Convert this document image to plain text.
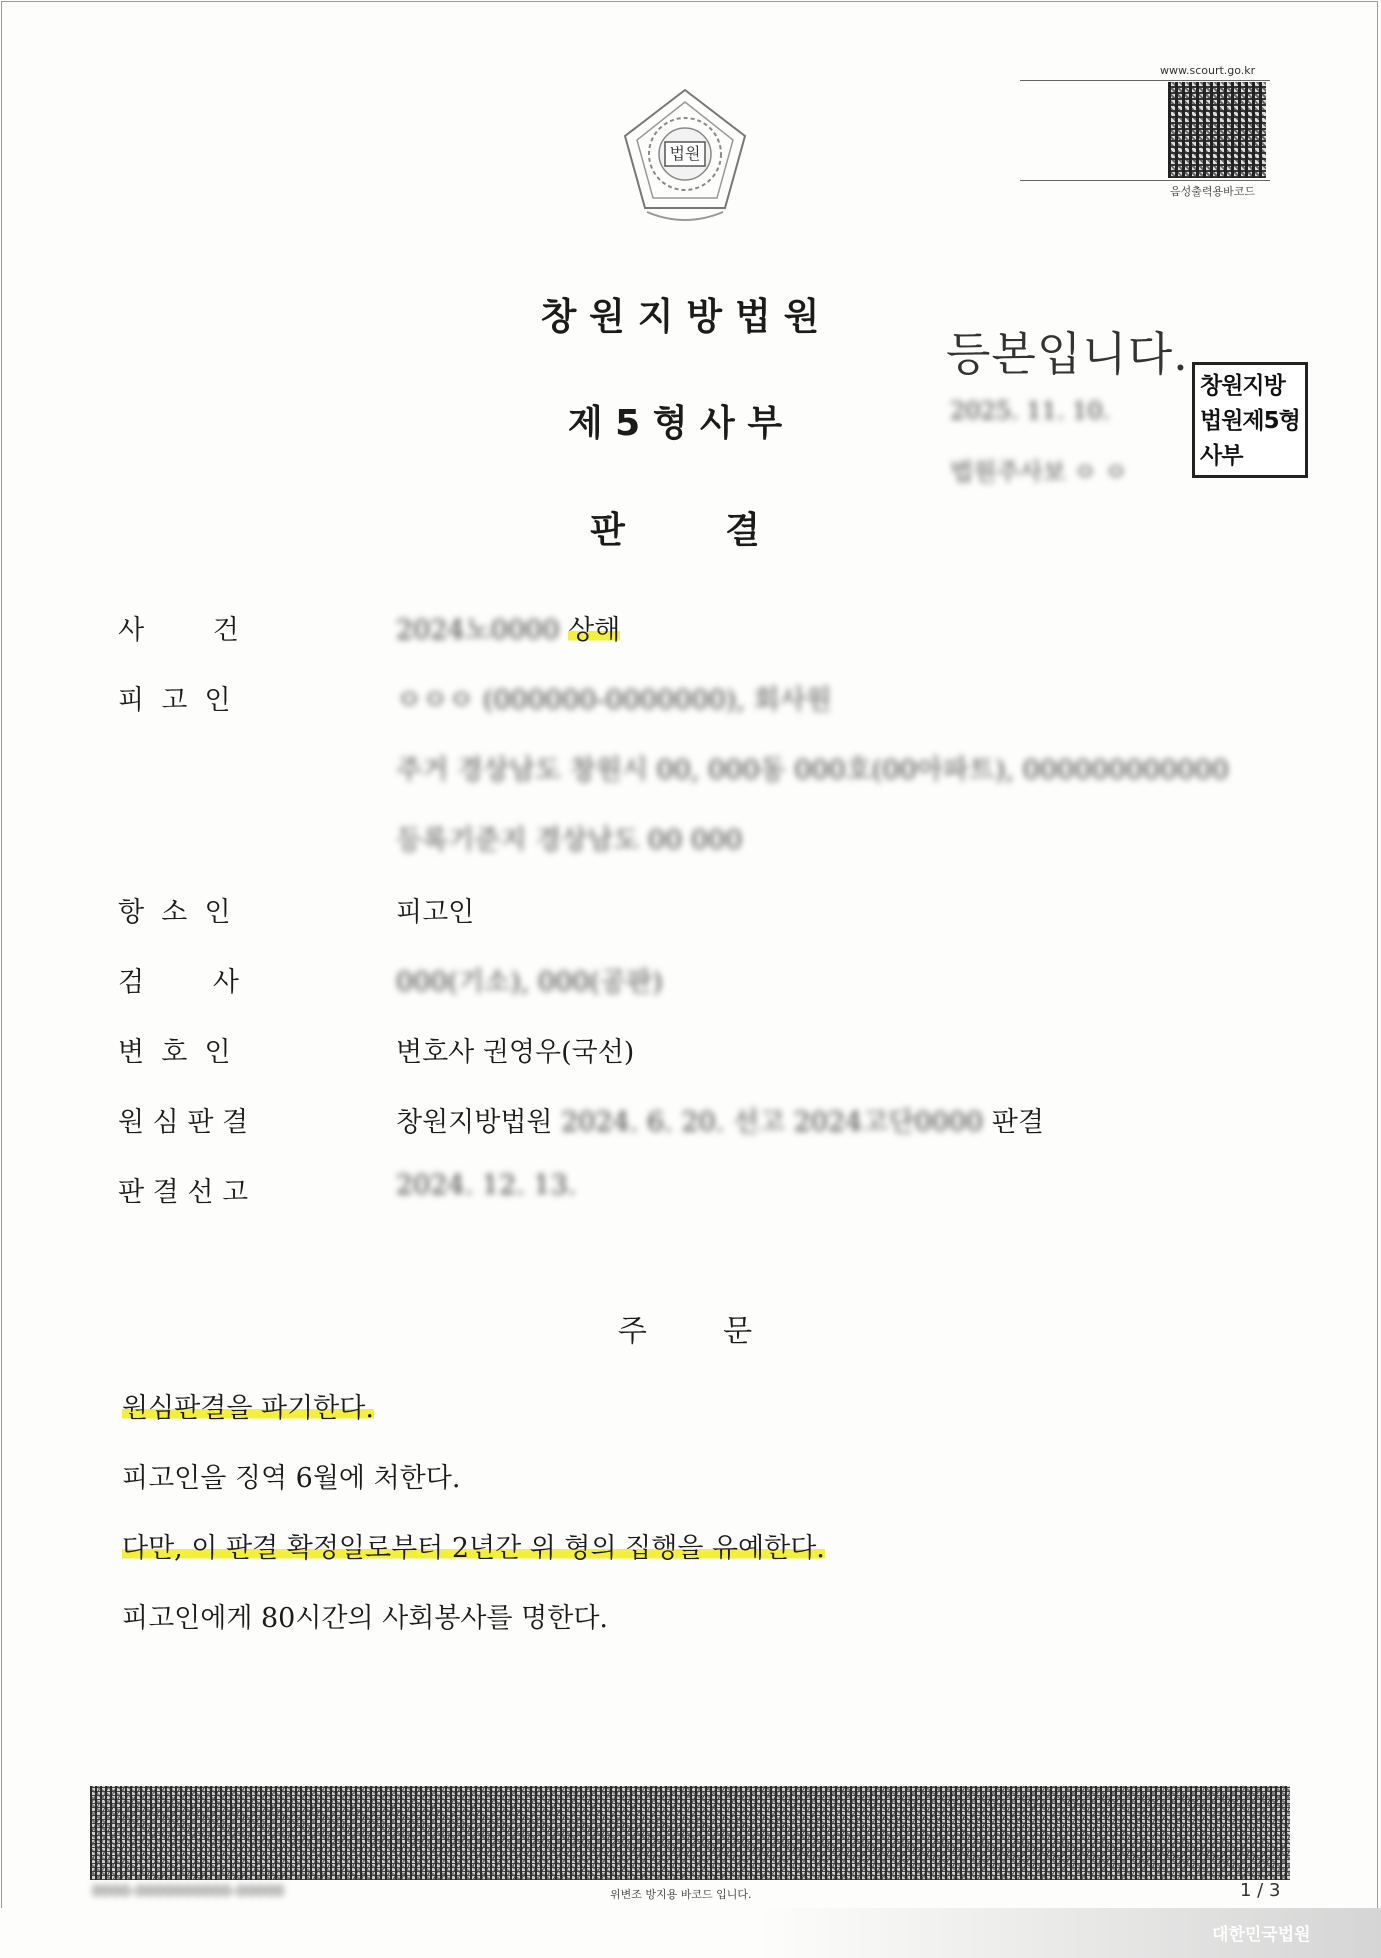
법원
www.scourt.go.kr
음성출력용바코드
창 원 지 방 법 원
제 5 형 사 부
판        결
등본입니다.
2025. 11. 10.
법원주사보 ㅇ ㅇ
창원지방법원제5형사부
사        건	2024노0000 상해
피  고  인	ㅇㅇㅇ (000000-0000000), 회사원
주거 경상남도 창원시 00, 000동 000호(00아파트), 000000000000
등록기준지 경상남도 00 000
항  소  인	피고인
검        사	000(기소), 000(공판)
변  호  인	변호사 권영우(국선)
원 심 판 결	창원지방법원 2024. 6. 20. 선고 2024고단0000 판결
판 결 선 고	2024. 12. 13.
주        문
원심판결을 파기한다.
피고인을 징역 6월에 처한다.
다만, 이 판결 확정일로부터 2년간 위 형의 집행을 유예한다.
피고인에게 80시간의 사회봉사를 명한다.
0000-0000000000-00000	위변조 방지용 바코드 입니다.	1 / 3
대한민국법원
